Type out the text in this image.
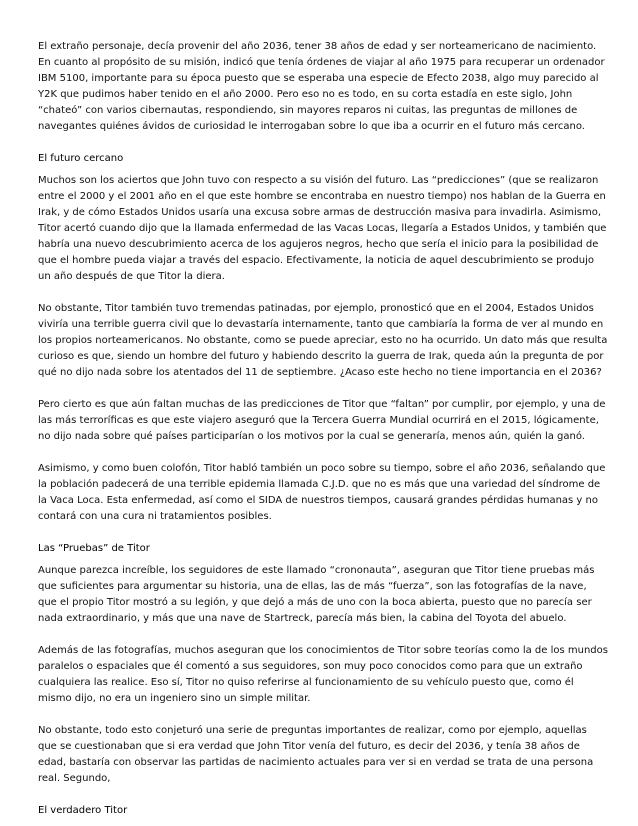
El extraño personaje, decía provenir del año 2036, tener 38 años de edad y ser norteamericano de nacimiento. En cuanto al propósito de su misión, indicó que tenía órdenes de viajar al año 1975 para recuperar un ordenador IBM 5100, importante para su época puesto que se esperaba una especie de Efecto 2038, algo muy parecido al Y2K que pudimos haber tenido en el año 2000. Pero eso no es todo, en su corta estadía en este siglo, John “chateó” con varios cibernautas, respondiendo, sin mayores reparos ni cuitas, las preguntas de millones de navegantes quiénes ávidos de curiosidad le interrogaban sobre lo que iba a ocurrir en el futuro más cercano.

El futuro cercano

Muchos son los aciertos que John tuvo con respecto a su visión del futuro. Las “predicciones” (que se realizaron entre el 2000 y el 2001 año en el que este hombre se encontraba en nuestro tiempo) nos hablan de la Guerra en Irak, y de cómo Estados Unidos usaría una excusa sobre armas de destrucción masiva para invadirla. Asimismo, Titor acertó cuando dijo que la llamada enfermedad de las Vacas Locas, llegaría a Estados Unidos, y también que habría una nuevo descubrimiento acerca de los agujeros negros, hecho que sería el inicio para la posibilidad de que el hombre pueda viajar a través del espacio. Efectivamente, la noticia de aquel descubrimiento se produjo un año después de que Titor la diera.

No obstante, Titor también tuvo tremendas patinadas, por ejemplo, pronosticó que en el 2004, Estados Unidos viviría una terrible guerra civil que lo devastaría internamente, tanto que cambiaría la forma de ver al mundo en los propios norteamericanos. No obstante, como se puede apreciar, esto no ha ocurrido. Un dato más que resulta curioso es que, siendo un hombre del futuro y habiendo descrito la guerra de Irak, queda aún la pregunta de por qué no dijo nada sobre los atentados del 11 de septiembre. ¿Acaso este hecho no tiene importancia en el 2036?

Pero cierto es que aún faltan muchas de las predicciones de Titor que “faltan” por cumplir, por ejemplo, y una de las más terroríficas es que este viajero aseguró que la Tercera Guerra Mundial ocurrirá en el 2015, lógicamente, no dijo nada sobre qué países participarían o los motivos por la cual se generaría, menos aún, quién la ganó.

Asimismo, y como buen colofón, Titor habló también un poco sobre su tiempo, sobre el año 2036, señalando que la población padecerá de una terrible epidemia llamada C.J.D. que no es más que una variedad del síndrome de la Vaca Loca. Esta enfermedad, así como el SIDA de nuestros tiempos, causará grandes pérdidas humanas y no contará con una cura ni tratamientos posibles.

Las “Pruebas” de Titor

Aunque parezca increíble, los seguidores de este llamado “crononauta”, aseguran que Titor tiene pruebas más que suficientes para argumentar su historia, una de ellas, las de más “fuerza”, son las fotografías de la nave, que el propio Titor mostró a su legión, y que dejó a más de uno con la boca abierta, puesto que no parecía ser nada extraordinario, y más que una nave de Startreck, parecía más bien, la cabina del Toyota del abuelo.

Además de las fotografías, muchos aseguran que los conocimientos de Titor sobre teorías como la de los mundos paralelos o espaciales que él comentó a sus seguidores, son muy poco conocidos como para que un extraño cualquiera las realice. Eso sí, Titor no quiso referirse al funcionamiento de su vehículo puesto que, como él mismo dijo, no era un ingeniero sino un simple militar.

No obstante, todo esto conjeturó una serie de preguntas importantes de realizar, como por ejemplo, aquellas que se cuestionaban que si era verdad que John Titor venía del futuro, es decir del 2036, y tenía 38 años de edad, bastaría con observar las partidas de nacimiento actuales para ver si en verdad se trata de una persona real. Segundo,

El verdadero Titor
